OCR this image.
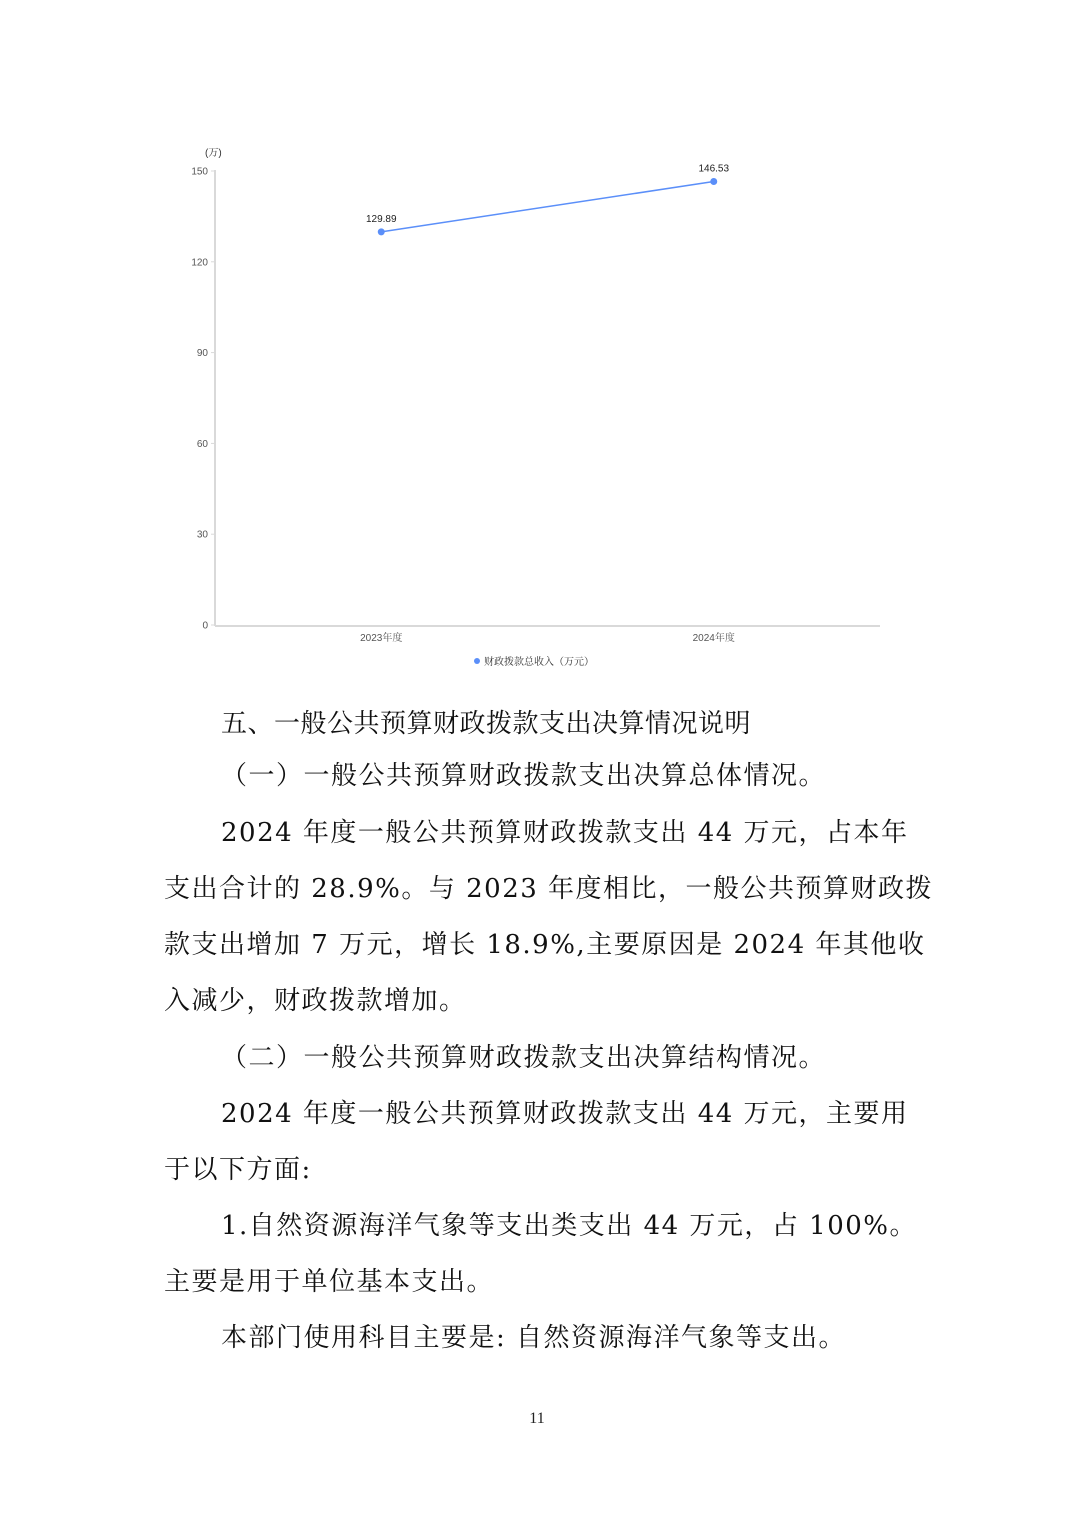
(万)
0
30
60
90
120
150
2023年度	2024年度
129.89
146.53
财政拨款总收入（万元）
五、一般公共预算财政拨款支出决算情况说明
（一）一般公共预算财政拨款支出决算总体情况。
2024 年度一般公共预算财政拨款支出 44 万元，占本年
支出合计的 28.9%。与 2023 年度相比，一般公共预算财政拨
款支出增加 7 万元，增长 18.9%,主要原因是 2024 年其他收
入减少，财政拨款增加。
（二）一般公共预算财政拨款支出决算结构情况。
2024 年度一般公共预算财政拨款支出 44 万元，主要用
于以下方面:
1.自然资源海洋气象等支出类支出 44 万元，占 100%。
主要是用于单位基本支出。
本部门使用科目主要是: 自然资源海洋气象等支出。
11
